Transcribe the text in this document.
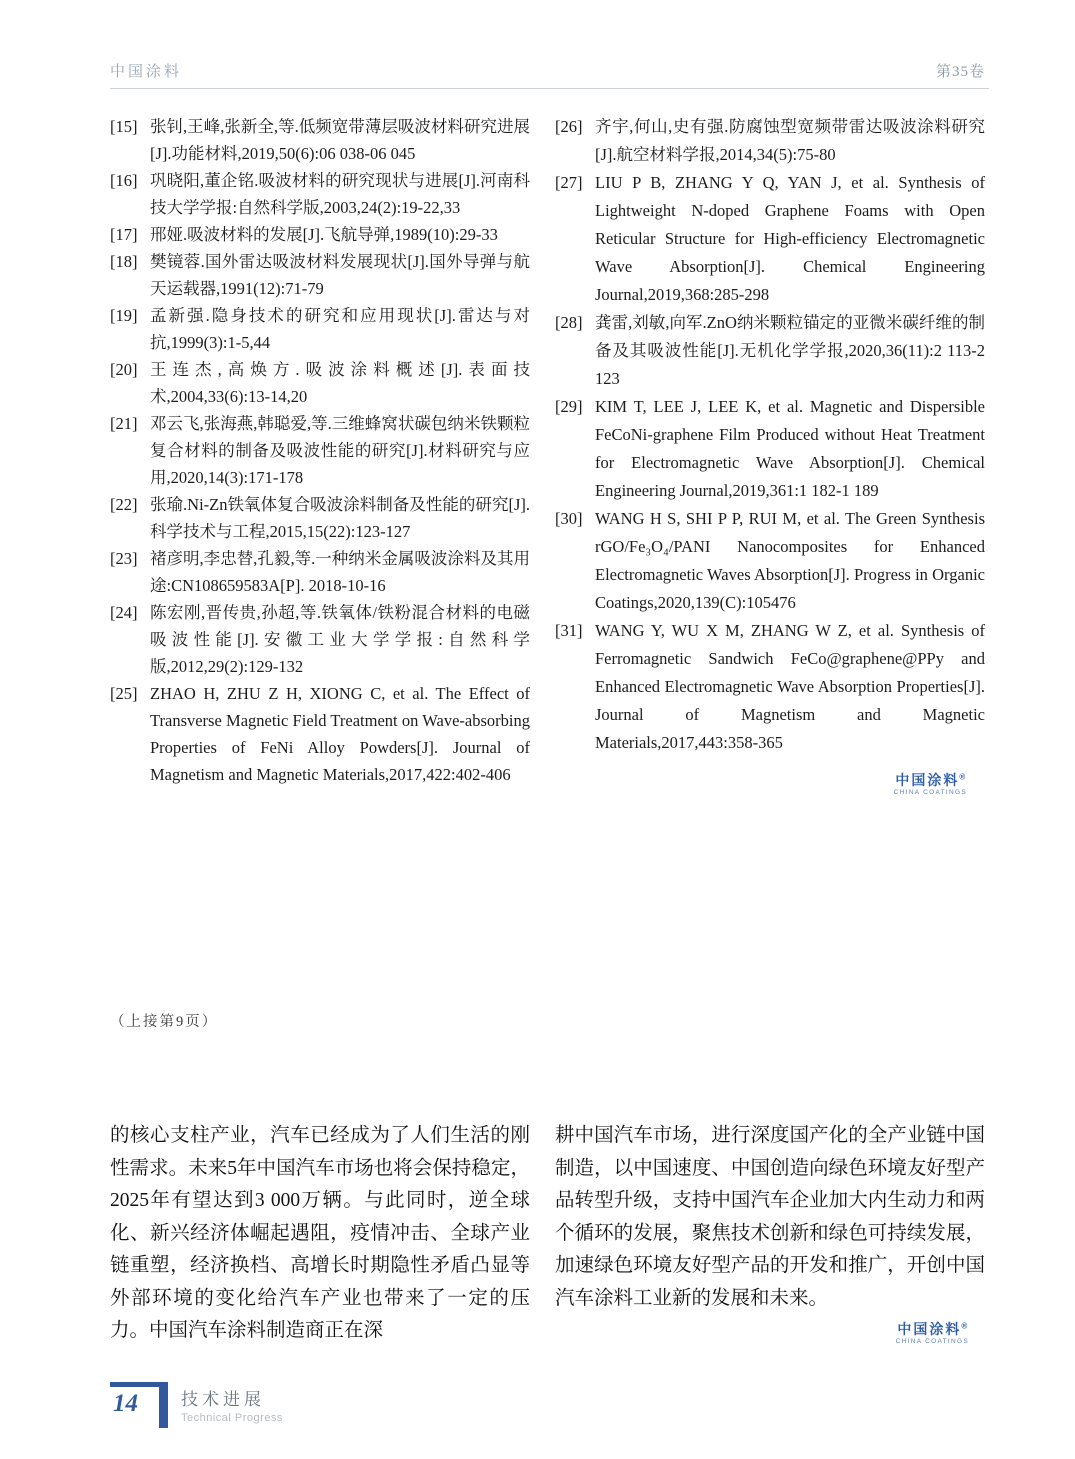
中国涂料	第35卷
[15] 张钊,王峰,张新全,等.低频宽带薄层吸波材料研究进展[J].功能材料,2019,50(6):06 038-06 045
[16] 巩晓阳,董企铭.吸波材料的研究现状与进展[J].河南科技大学学报:自然科学版,2003,24(2):19-22,33
[17] 邢娅.吸波材料的发展[J].飞航导弹,1989(10):29-33
[18] 樊镜蓉.国外雷达吸波材料发展现状[J].国外导弹与航天运载器,1991(12):71-79
[19] 孟新强.隐身技术的研究和应用现状[J].雷达与对抗,1999(3):1-5,44
[20] 王连杰,高焕方.吸波涂料概述[J].表面技术,2004,33(6):13-14,20
[21] 邓云飞,张海燕,韩聪爱,等.三维蜂窝状碳包纳米铁颗粒复合材料的制备及吸波性能的研究[J].材料研究与应用,2020,14(3):171-178
[22] 张瑜.Ni-Zn铁氧体复合吸波涂料制备及性能的研究[J].科学技术与工程,2015,15(22):123-127
[23] 褚彦明,李忠替,孔毅,等.一种纳米金属吸波涂料及其用途:CN108659583A[P]. 2018-10-16
[24] 陈宏刚,晋传贵,孙超,等.铁氧体/铁粉混合材料的电磁吸波性能[J].安徽工业大学学报:自然科学版,2012,29(2):129-132
[25] ZHAO H, ZHU Z H, XIONG C, et al. The Effect of Transverse Magnetic Field Treatment on Wave-absorbing Properties of FeNi Alloy Powders[J]. Journal of Magnetism and Magnetic Materials,2017,422:402-406
[26] 齐宇,何山,史有强.防腐蚀型宽频带雷达吸波涂料研究[J].航空材料学报,2014,34(5):75-80
[27] LIU P B, ZHANG Y Q, YAN J, et al. Synthesis of Lightweight N-doped Graphene Foams with Open Reticular Structure for High-efficiency Electromagnetic Wave Absorption[J]. Chemical Engineering Journal,2019,368:285-298
[28] 龚雷,刘敏,向军.ZnO纳米颗粒锚定的亚微米碳纤维的制备及其吸波性能[J].无机化学学报,2020,36(11):2 113-2 123
[29] KIM T, LEE J, LEE K, et al. Magnetic and Dispersible FeCoNi-graphene Film Produced without Heat Treatment for Electromagnetic Wave Absorption[J]. Chemical Engineering Journal,2019,361:1 182-1 189
[30] WANG H S, SHI P P, RUI M, et al. The Green Synthesis rGO/Fe₃O₄/PANI Nanocomposites for Enhanced Electromagnetic Waves Absorption[J]. Progress in Organic Coatings,2020,139(C):105476
[31] WANG Y, WU X M, ZHANG W Z, et al. Synthesis of Ferromagnetic Sandwich FeCo@graphene@PPy and Enhanced Electromagnetic Wave Absorption Properties[J]. Journal of Magnetism and Magnetic Materials,2017,443:358-365
中国涂料®
CHINA COATINGS
（上接第9页）

的核心支柱产业，汽车已经成为了人们生活的刚性需求。未来5年中国汽车市场也将会保持稳定，2025年有望达到3 000万辆。与此同时，逆全球化、新兴经济体崛起遇阻，疫情冲击、全球产业链重塑，经济换档、高增长时期隐性矛盾凸显等外部环境的变化给汽车产业也带来了一定的压力。中国汽车涂料制造商正在深

耕中国汽车市场，进行深度国产化的全产业链中国制造，以中国速度、中国创造向绿色环境友好型产品转型升级，支持中国汽车企业加大内生动力和两个循环的发展，聚焦技术创新和绿色可持续发展，加速绿色环境友好型产品的开发和推广，开创中国汽车涂料工业新的发展和未来。

中国涂料®
CHINA COATINGS
14	技术进展
Technical Progress
